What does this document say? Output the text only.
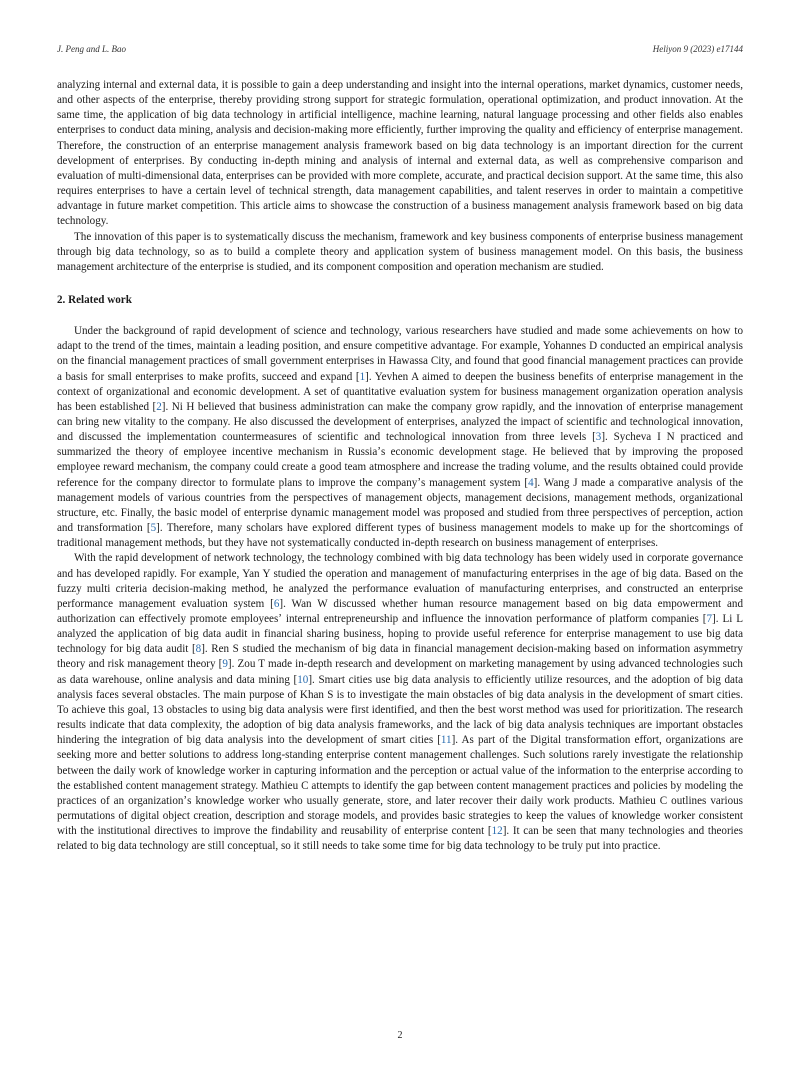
J. Peng and L. Bao	Heliyon 9 (2023) e17144

analyzing internal and external data, it is possible to gain a deep understanding and insight into the internal operations, market dynamics, customer needs, and other aspects of the enterprise, thereby providing strong support for strategic formulation, operational optimization, and product innovation. At the same time, the application of big data technology in artificial intelligence, machine learning, natural language processing and other fields also enables enterprises to conduct data mining, analysis and decision-making more efficiently, further improving the quality and efficiency of enterprise management. Therefore, the construction of an enterprise management analysis framework based on big data technology is an important direction for the current development of enterprises. By conducting in-depth mining and analysis of internal and external data, as well as comprehensive comparison and evaluation of multi-dimensional data, enterprises can be provided with more complete, accurate, and practical decision support. At the same time, this also requires enterprises to have a certain level of technical strength, data management capabilities, and talent reserves in order to maintain a competitive advantage in future market competition. This article aims to showcase the construction of a business management analysis framework based on big data technology.

The innovation of this paper is to systematically discuss the mechanism, framework and key business components of enterprise business management through big data technology, so as to build a complete theory and application system of business management model. On this basis, the business management architecture of the enterprise is studied, and its component composition and operation mechanism are studied.

2. Related work

Under the background of rapid development of science and technology, various researchers have studied and made some achievements on how to adapt to the trend of the times, maintain a leading position, and ensure competitive advantage. For example, Yohannes D conducted an empirical analysis on the financial management practices of small government enterprises in Hawassa City, and found that good financial management practices can provide a basis for small enterprises to make profits, succeed and expand [1]. Yevhen A aimed to deepen the business benefits of enterprise management in the context of organizational and economic development. A set of quantitative evaluation system for business management organization operation analysis has been established [2]. Ni H believed that business administration can make the company grow rapidly, and the innovation of enterprise management can bring new vitality to the company. He also discussed the development of enterprises, analyzed the impact of scientific and technological innovation, and discussed the implementation countermeasures of scientific and technological innovation from three levels [3]. Sycheva I N practiced and summarized the theory of employee incentive mechanism in Russiaʼs economic development stage. He believed that by improving the proposed employee reward mechanism, the company could create a good team atmosphere and increase the trading volume, and the results obtained could provide reference for the company director to formulate plans to improve the companyʼs management system [4]. Wang J made a comparative analysis of the management models of various countries from the perspectives of management objects, management decisions, management methods, organizational structure, etc. Finally, the basic model of enterprise dynamic management model was proposed and studied from three perspectives of perception, action and transformation [5]. Therefore, many scholars have explored different types of business management models to make up for the shortcomings of traditional management methods, but they have not systematically conducted in-depth research on business management of enterprises.

With the rapid development of network technology, the technology combined with big data technology has been widely used in corporate governance and has developed rapidly. For example, Yan Y studied the operation and management of manufacturing enterprises in the age of big data. Based on the fuzzy multi criteria decision-making method, he analyzed the performance evaluation of manufacturing enterprises, and constructed an enterprise performance management evaluation system [6]. Wan W discussed whether human resource management based on big data empowerment and authorization can effectively promote employeesʼ internal entrepreneurship and influence the innovation performance of platform companies [7]. Li L analyzed the application of big data audit in financial sharing business, hoping to provide useful reference for enterprise management to use big data technology for big data audit [8]. Ren S studied the mechanism of big data in financial management decision-making based on information asymmetry theory and risk management theory [9]. Zou T made in-depth research and development on marketing management by using advanced technologies such as data warehouse, online analysis and data mining [10]. Smart cities use big data analysis to efficiently utilize resources, and the adoption of big data analysis faces several obstacles. The main purpose of Khan S is to investigate the main obstacles of big data analysis in the development of smart cities. To achieve this goal, 13 obstacles to using big data analysis were first identified, and then the best worst method was used for prioritization. The research results indicate that data complexity, the adoption of big data analysis frameworks, and the lack of big data analysis techniques are important obstacles hindering the integration of big data analysis into the development of smart cities [11]. As part of the Digital transformation effort, organizations are seeking more and better solutions to address long-standing enterprise content management challenges. Such solutions rarely investigate the relationship between the daily work of knowledge worker in capturing information and the perception or actual value of the information to the enterprise according to the established content management strategy. Mathieu C attempts to identify the gap between content management practices and policies by modeling the practices of an organizationʼs knowledge worker who usually generate, store, and later recover their daily work products. Mathieu C outlines various permutations of digital object creation, description and storage models, and provides basic strategies to keep the values of knowledge worker consistent with the institutional directives to improve the findability and reusability of enterprise content [12]. It can be seen that many technologies and theories related to big data technology are still conceptual, so it still needs to take some time for big data technology to be truly put into practice.

2
